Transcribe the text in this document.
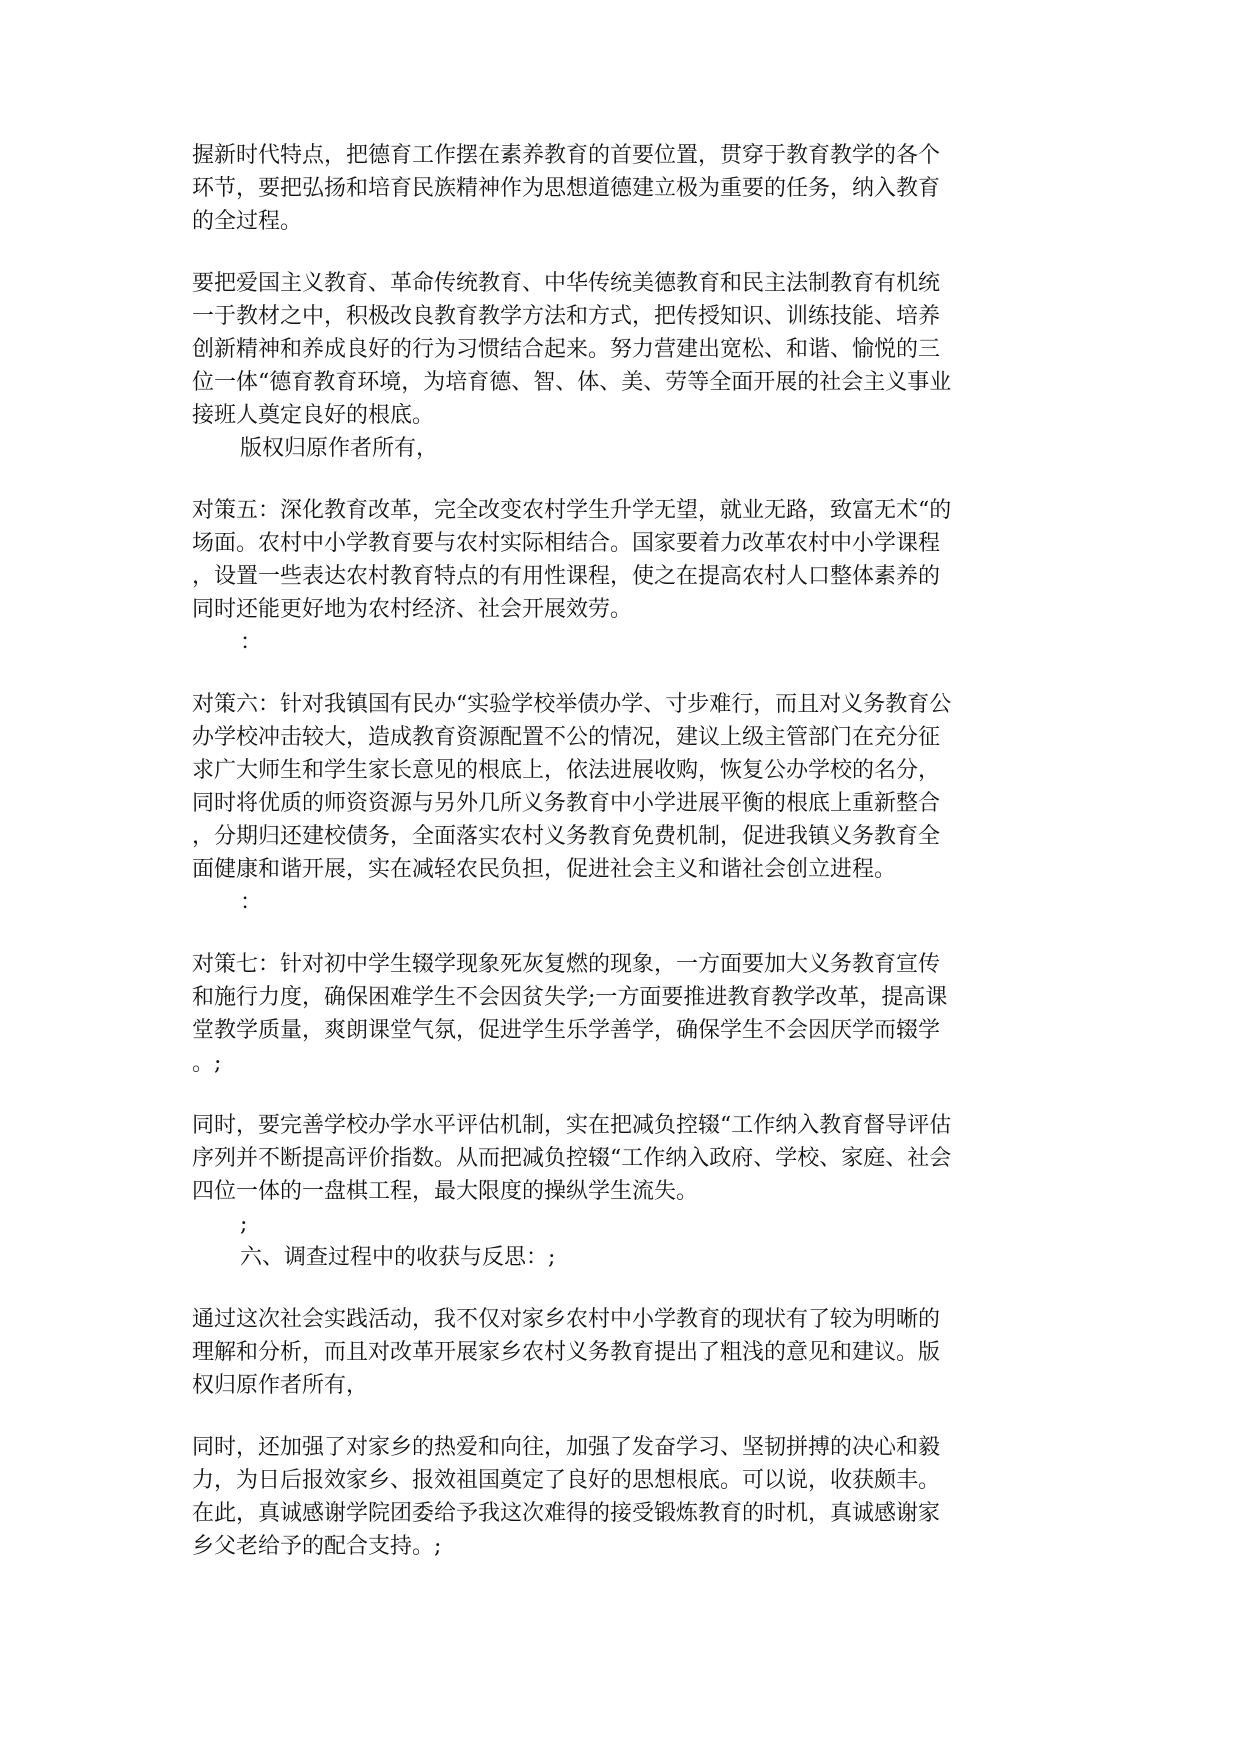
握新时代特点，把德育工作摆在素养教育的首要位置，贯穿于教育教学的各个
环节，要把弘扬和培育民族精神作为思想道德建立极为重要的任务，纳入教育
的全过程。
要把爱国主义教育、革命传统教育、中华传统美德教育和民主法制教育有机统
一于教材之中，积极改良教育教学方法和方式，把传授知识、训练技能、培养
创新精神和养成良好的行为习惯结合起来。努力营建出宽松、和谐、愉悦的三
位一体“德育教育环境，为培育德、智、体、美、劳等全面开展的社会主义事业
接班人奠定良好的根底。
版权归原作者所有，
对策五：深化教育改革，完全改变农村学生升学无望，就业无路，致富无术“的
场面。农村中小学教育要与农村实际相结合。国家要着力改革农村中小学课程
，设置一些表达农村教育特点的有用性课程，使之在提高农村人口整体素养的
同时还能更好地为农村经济、社会开展效劳。
：
对策六：针对我镇国有民办“实验学校举债办学、寸步难行，而且对义务教育公
办学校冲击较大，造成教育资源配置不公的情况，建议上级主管部门在充分征
求广大师生和学生家长意见的根底上，依法进展收购，恢复公办学校的名分，
同时将优质的师资资源与另外几所义务教育中小学进展平衡的根底上重新整合
，分期归还建校债务，全面落实农村义务教育免费机制，促进我镇义务教育全
面健康和谐开展，实在减轻农民负担，促进社会主义和谐社会创立进程。
：
对策七：针对初中学生辍学现象死灰复燃的现象，一方面要加大义务教育宣传
和施行力度，确保困难学生不会因贫失学;一方面要推进教育教学改革，提高课
堂教学质量，爽朗课堂气氛，促进学生乐学善学，确保学生不会因厌学而辍学
。;
同时，要完善学校办学水平评估机制，实在把减负控辍“工作纳入教育督导评估
序列并不断提高评价指数。从而把减负控辍“工作纳入政府、学校、家庭、社会
四位一体的一盘棋工程，最大限度的操纵学生流失。
;
六、调查过程中的收获与反思：;
通过这次社会实践活动，我不仅对家乡农村中小学教育的现状有了较为明晰的
理解和分析，而且对改革开展家乡农村义务教育提出了粗浅的意见和建议。版
权归原作者所有，
同时，还加强了对家乡的热爱和向往，加强了发奋学习、坚韧拼搏的决心和毅
力，为日后报效家乡、报效祖国奠定了良好的思想根底。可以说，收获颇丰。
在此，真诚感谢学院团委给予我这次难得的接受锻炼教育的时机，真诚感谢家
乡父老给予的配合支持。;
